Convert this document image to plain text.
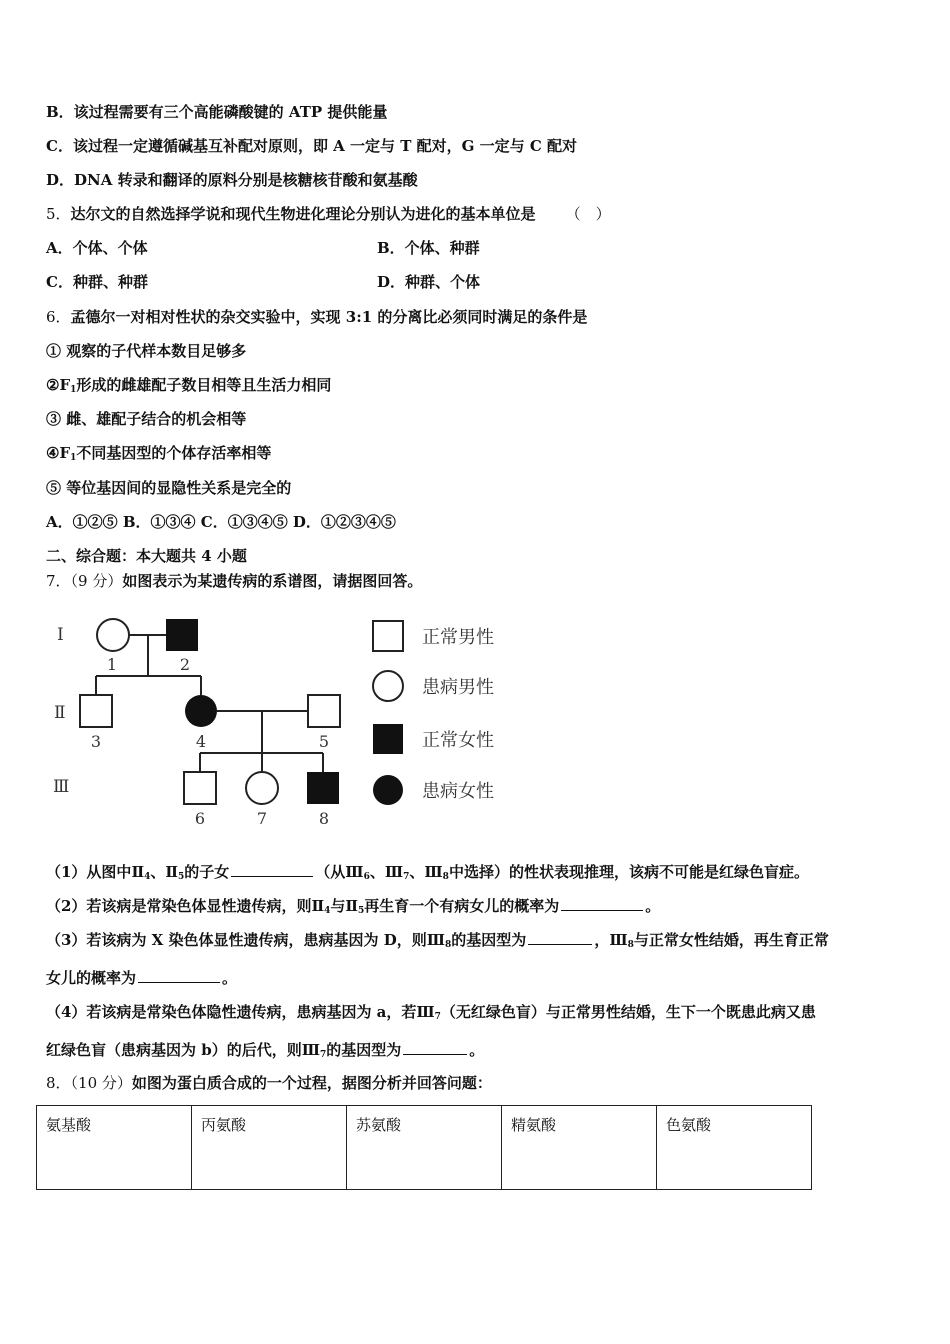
B．该过程需要有三个高能磷酸键的 ATP 提供能量
C．该过程一定遵循碱基互补配对原则，即 A 一定与 T 配对，G 一定与 C 配对
D．DNA 转录和翻译的原料分别是核糖核苷酸和氨基酸
5．达尔文的自然选择学说和现代生物进化理论分别认为进化的基本单位是 （　）
A．个体、个体	B．个体、种群
C．种群、种群	D．种群、个体
6．孟德尔一对相对性状的杂交实验中，实现 3:1 的分离比必须同时满足的条件是
① 观察的子代样本数目足够多
$②F_1$形成的雌雄配子数目相等且生活力相同
③ 雌、雄配子结合的机会相等
$④F_1$不同基因型的个体存活率相等
⑤ 等位基因间的显隐性关系是完全的
A．①②⑤ B．①③④ C．①③④⑤ D．①②③④⑤
二、综合题：本大题共 4 小题
7．（9 分）如图表示为某遗传病的系谱图，请据图回答。
Ⅰ
Ⅱ
Ⅲ
1	2
3	4	5
6	7	8
正常男性
患病男性
正常女性
患病女性
（1）从图中$Ⅱ_4$、$Ⅱ_5$的子女	（从$Ⅲ_6$、$Ⅲ_7$、$Ⅲ_8$中选择）的性状表现推理，该病不可能是红绿色盲症。
（2）若该病是常染色体显性遗传病，则$Ⅱ_4$与$Ⅱ_5$再生育一个有病女儿的概率为	。
（3）若该病为 X 染色体显性遗传病，患病基因为 D，则$Ⅲ_8$的基因型为	，$Ⅲ_8$与正常女性结婚，再生育正常
女儿的概率为	。
（4）若该病是常染色体隐性遗传病，患病基因为 a，若$Ⅲ_7$（无红绿色盲）与正常男性结婚，生下一个既患此病又患
红绿色盲（患病基因为 b）的后代，则$Ⅲ_7$的基因型为	。
8．（10 分）如图为蛋白质合成的一个过程，据图分析并回答问题：
氨基酸	丙氨酸	苏氨酸	精氨酸	色氨酸
